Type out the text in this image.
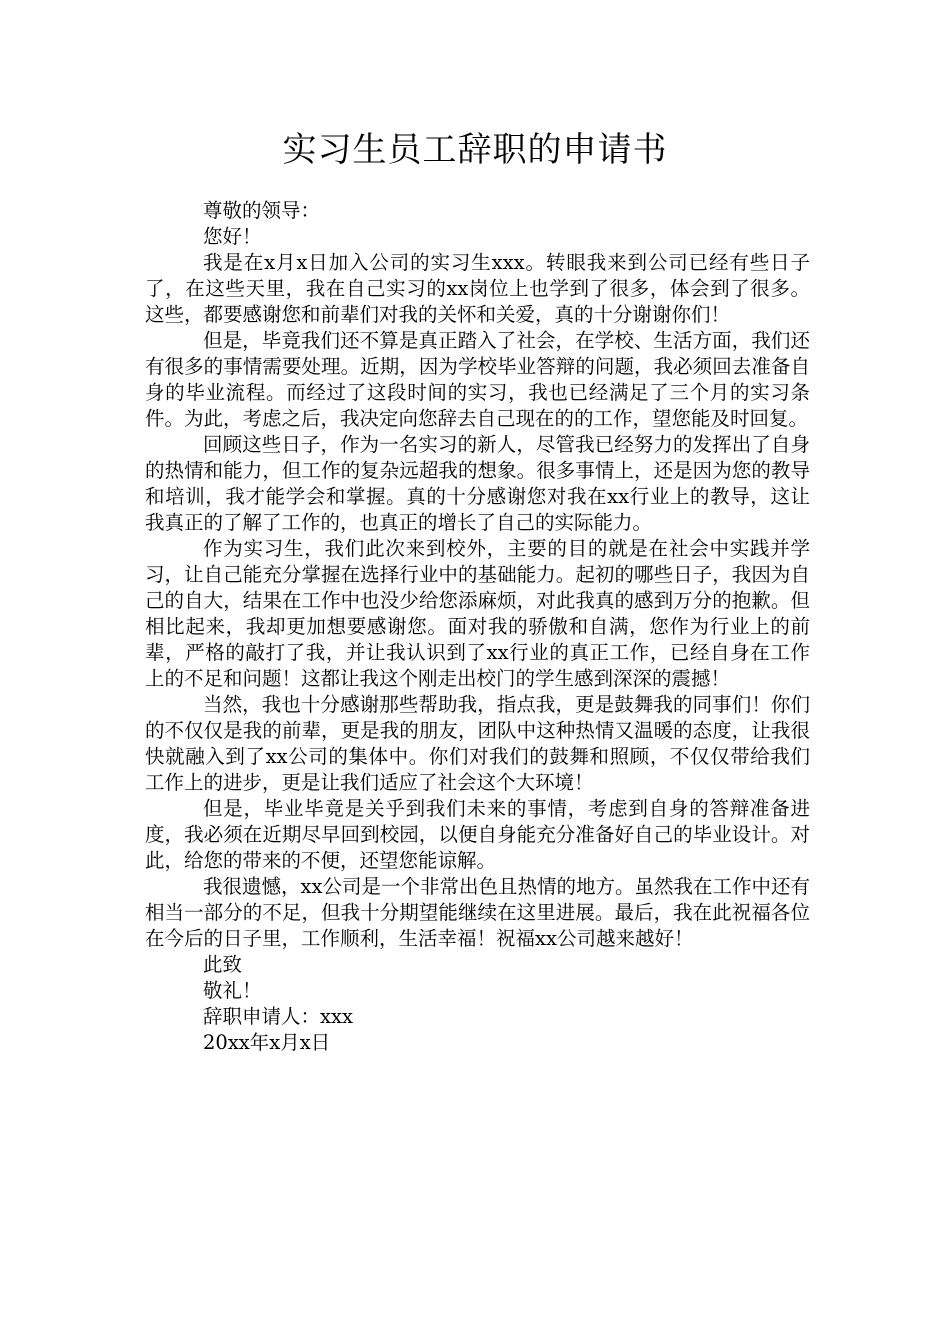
实习生员工辞职的申请书
尊敬的领导：
您好！

我是在x月x日加入公司的实习生xxx。转眼我来到公司已经有些日子了，在这些天里，我在自己实习的xx岗位上也学到了很多，体会到了很多。这些，都要感谢您和前辈们对我的关怀和关爱，真的十分谢谢你们！

但是，毕竟我们还不算是真正踏入了社会，在学校、生活方面，我们还有很多的事情需要处理。近期，因为学校毕业答辩的问题，我必须回去准备自身的毕业流程。而经过了这段时间的实习，我也已经满足了三个月的实习条件。为此，考虑之后，我决定向您辞去自己现在的的工作，望您能及时回复。

回顾这些日子，作为一名实习的新人，尽管我已经努力的发挥出了自身的热情和能力，但工作的复杂远超我的想象。很多事情上，还是因为您的教导和培训，我才能学会和掌握。真的十分感谢您对我在xx行业上的教导，这让我真正的了解了工作的，也真正的增长了自己的实际能力。

作为实习生，我们此次来到校外，主要的目的就是在社会中实践并学习，让自己能充分掌握在选择行业中的基础能力。起初的哪些日子，我因为自己的自大，结果在工作中也没少给您添麻烦，对此我真的感到万分的抱歉。但相比起来，我却更加想要感谢您。面对我的骄傲和自满，您作为行业上的前辈，严格的敲打了我，并让我认识到了xx行业的真正工作，已经自身在工作上的不足和问题！这都让我这个刚走出校门的学生感到深深的震撼！

当然，我也十分感谢那些帮助我，指点我，更是鼓舞我的同事们！你们的不仅仅是我的前辈，更是我的朋友，团队中这种热情又温暖的态度，让我很快就融入到了xx公司的集体中。你们对我们的鼓舞和照顾，不仅仅带给我们工作上的进步，更是让我们适应了社会这个大环境！

但是，毕业毕竟是关乎到我们未来的事情，考虑到自身的答辩准备进度，我必须在近期尽早回到校园，以便自身能充分准备好自己的毕业设计。对此，给您的带来的不便，还望您能谅解。

我很遗憾，xx公司是一个非常出色且热情的地方。虽然我在工作中还有相当一部分的不足，但我十分期望能继续在这里进展。最后，我在此祝福各位在今后的日子里，工作顺利，生活幸福！祝福xx公司越来越好！

此致
敬礼！
辞职申请人：xxx
20xx年x月x日
